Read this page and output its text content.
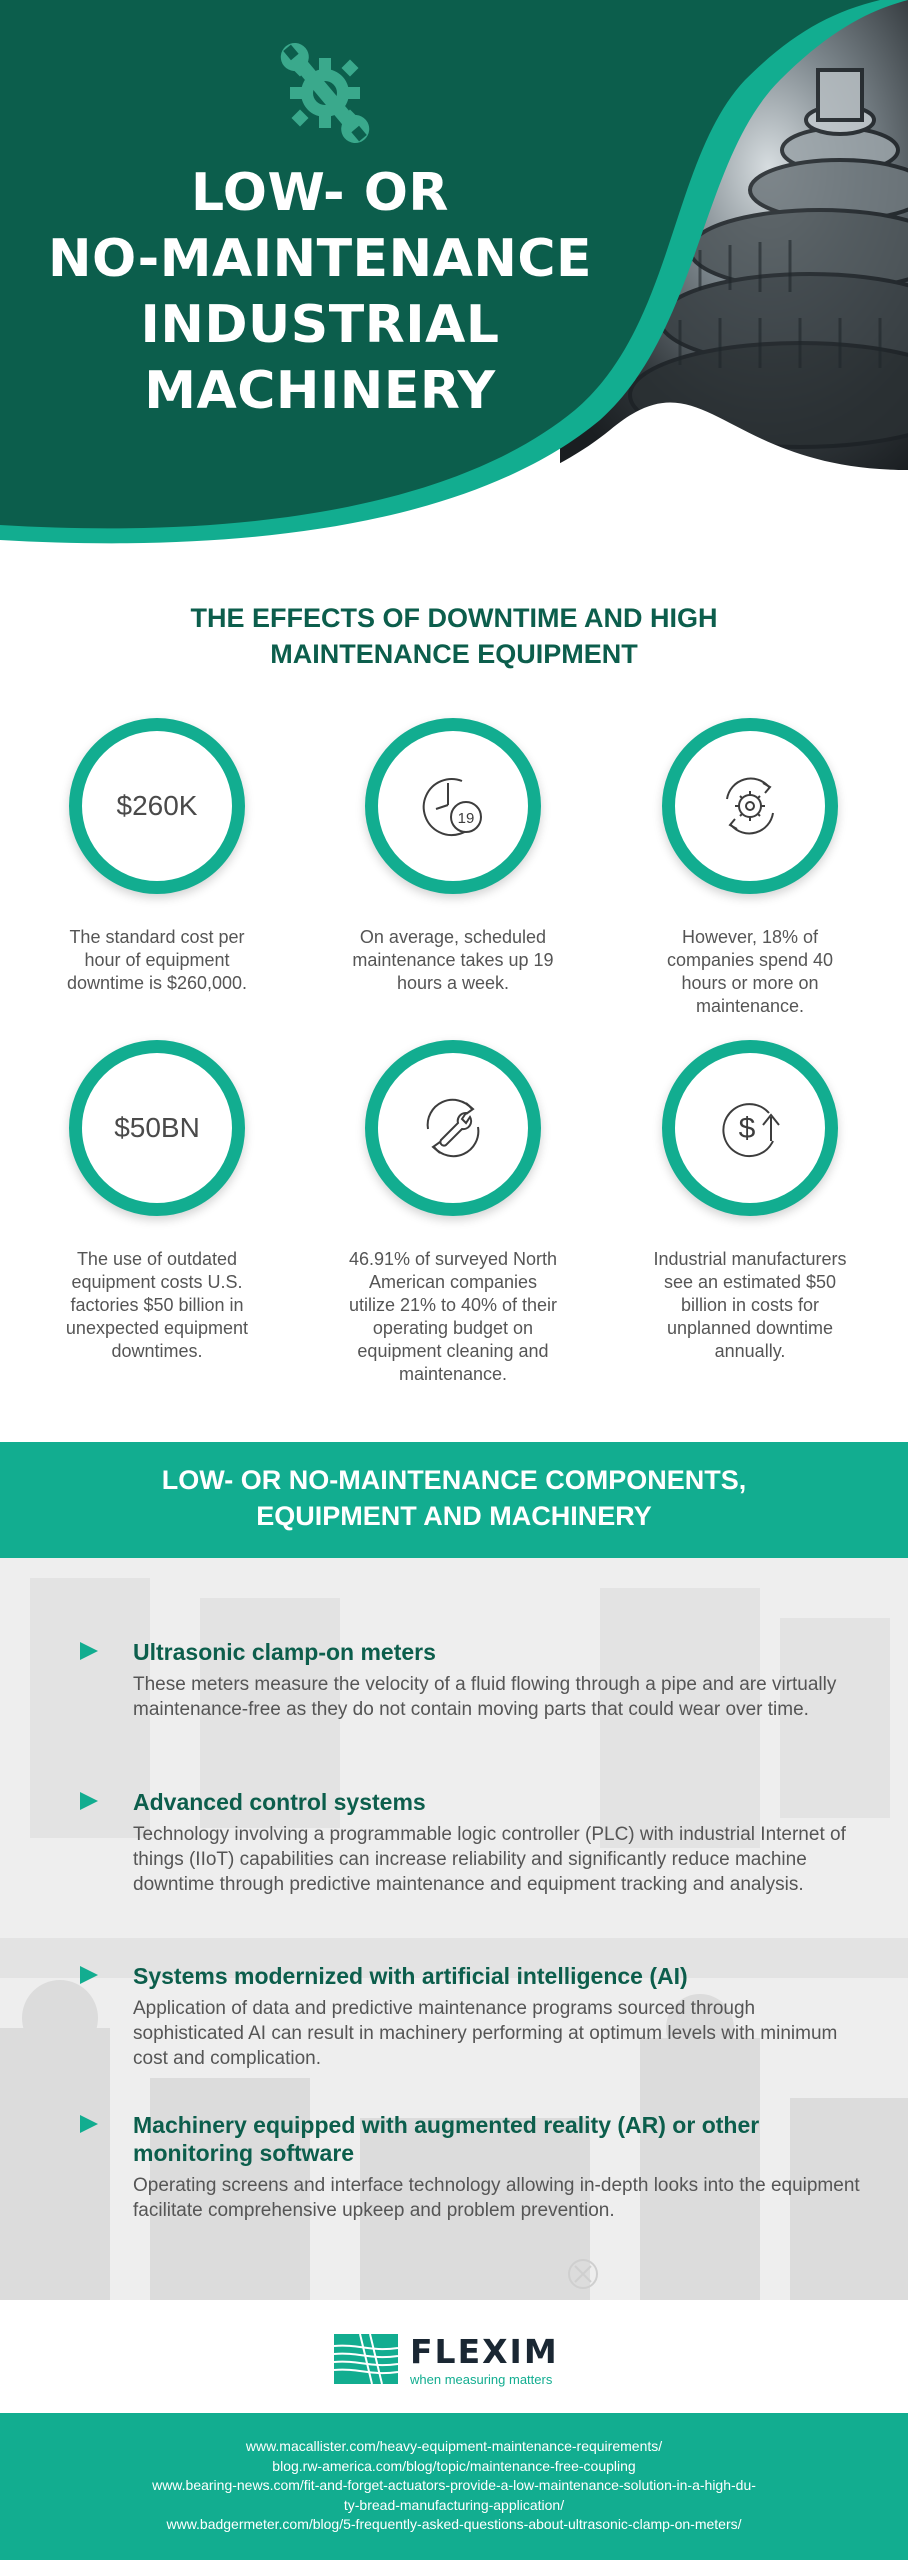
LOW- OR
NO-MAINTENANCE
INDUSTRIAL
MACHINERY
THE EFFECTS OF DOWNTIME AND HIGH
MAINTENANCE EQUIPMENT
$260K
The standard cost per hour of equipment downtime is $260,000.
19
On average, scheduled maintenance takes up 19 hours a week.
However, 18% of companies spend 40 hours or more on maintenance.
$50BN
The use of outdated equipment costs U.S. factories $50 billion in unexpected equipment downtimes.
46.91% of surveyed North American companies utilize 21% to 40% of their operating budget on equipment cleaning and maintenance.
$
Industrial manufacturers see an estimated $50 billion in costs for unplanned downtime annually.
LOW- OR NO-MAINTENANCE COMPONENTS,
EQUIPMENT AND MACHINERY
Ultrasonic clamp-on meters
These meters measure the velocity of a fluid flowing through a pipe and are virtually maintenance-free as they do not contain moving parts that could wear over time.
Advanced control systems
Technology involving a programmable logic controller (PLC) with industrial Internet of things (IIoT) capabilities can increase reliability and significantly reduce machine downtime through predictive maintenance and equipment tracking and analysis.
Systems modernized with artificial intelligence (AI)
Application of data and predictive maintenance programs sourced through sophisticated AI can result in machinery performing at optimum levels with minimum cost and complication.
Machinery equipped with augmented reality (AR) or other monitoring software
Operating screens and interface technology allowing in-depth looks into the equipment facilitate comprehensive upkeep and problem prevention.
FLEXIM
when measuring matters
www.macallister.com/heavy-equipment-maintenance-requirements/
blog.rw-america.com/blog/topic/maintenance-free-coupling
www.bearing-news.com/fit-and-forget-actuators-provide-a-low-maintenance-solution-in-a-high-du-
ty-bread-manufacturing-application/
www.badgermeter.com/blog/5-frequently-asked-questions-about-ultrasonic-clamp-on-meters/
